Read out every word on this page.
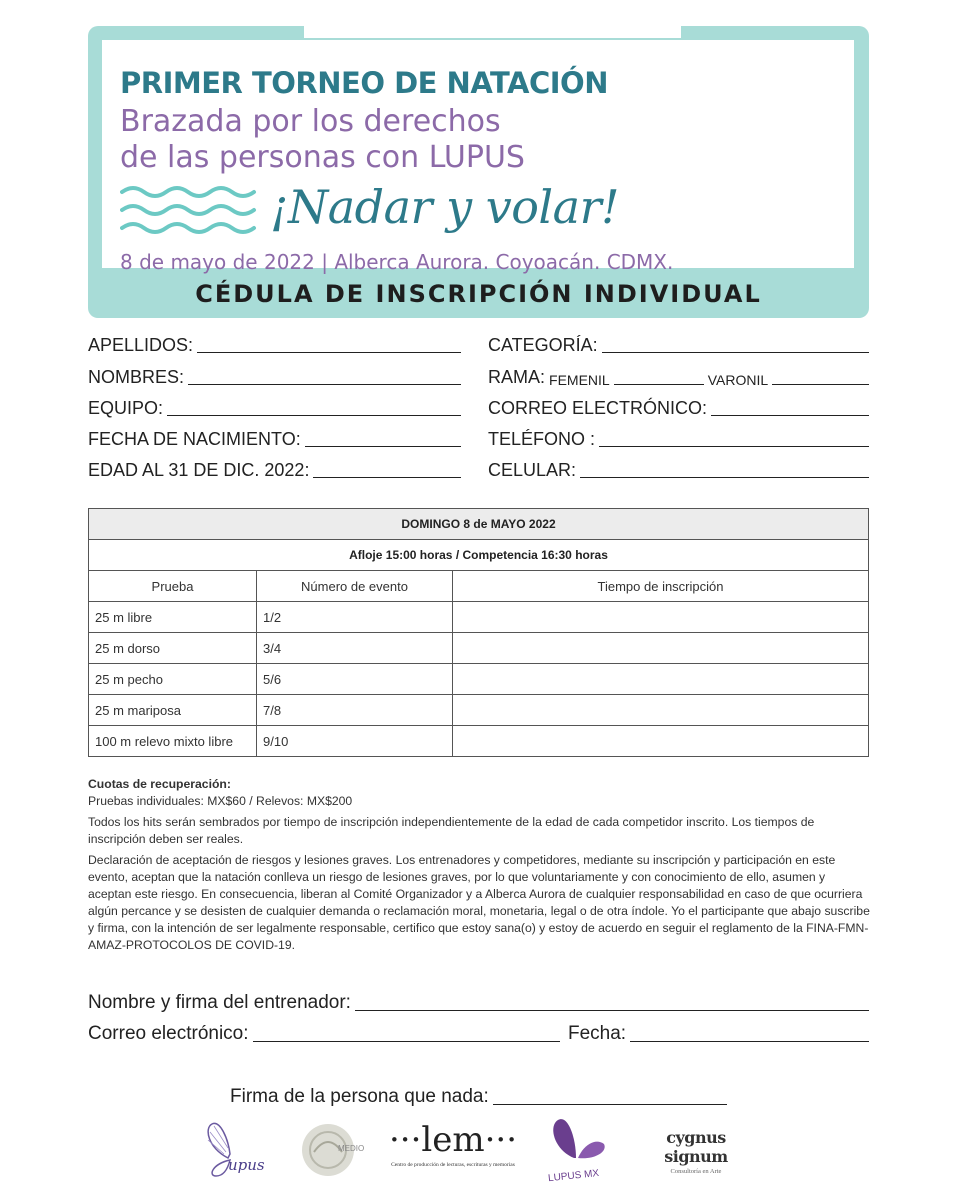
PRIMER TORNEO DE NATACIÓN
Brazada por los derechos
de las personas con LUPUS
¡Nadar y volar!
8 de mayo de 2022 | Alberca Aurora. Coyoacán. CDMX.
CÉDULA DE INSCRIPCIÓN INDIVIDUAL
APELLIDOS:
NOMBRES:
EQUIPO:
FECHA DE NACIMIENTO:
EDAD AL 31 DE DIC. 2022:
CATEGORÍA:
RAMA: FEMENIL	VARONIL
CORREO ELECTRÓNICO:
TELÉFONO :
CELULAR:
DOMINGO 8 de MAYO 2022		
Afloje 15:00 horas / Competencia 16:30 horas		
Prueba	Número de evento	Tiempo de inscripción
25 m libre	1/2	
25 m dorso	3/4	
25 m pecho	5/6	
25 m mariposa	7/8	
100 m relevo mixto libre	9/10	
Cuotas de recuperación:
Pruebas individuales: MX$60 / Relevos: MX$200
Todos los hits serán sembrados por tiempo de inscripción independientemente de la edad de cada competidor inscrito. Los tiempos de inscripción deben ser reales.
Declaración de aceptación de riesgos y lesiones graves. Los entrenadores y competidores, mediante su inscripción y participación en este evento, aceptan que la natación conlleva un riesgo de lesiones graves, por lo que voluntariamente y con conocimiento de ello, asumen y aceptan este riesgo. En consecuencia, liberan al Comité Organizador y a Alberca Aurora de cualquier responsabilidad en caso de que ocurriera algún percance y se desisten de cualquier demanda o reclamación moral, monetaria, legal o de otra índole. Yo el participante que abajo suscribe y firma, con la intención de ser legalmente responsable, certifico que estoy sana(o) y estoy de acuerdo en seguir el reglamento de la FINA-FMN-AMAZ-PROTOCOLOS DE COVID-19.
Nombre y firma del entrenador:
Correo electrónico:	Fecha:
Firma de la persona que nada:
upus
MEDIO ···lem···
Centro de producción de lecturas, escrituras y memorias
LUPUS MX
cygnus signum
Consultoría en Arte
